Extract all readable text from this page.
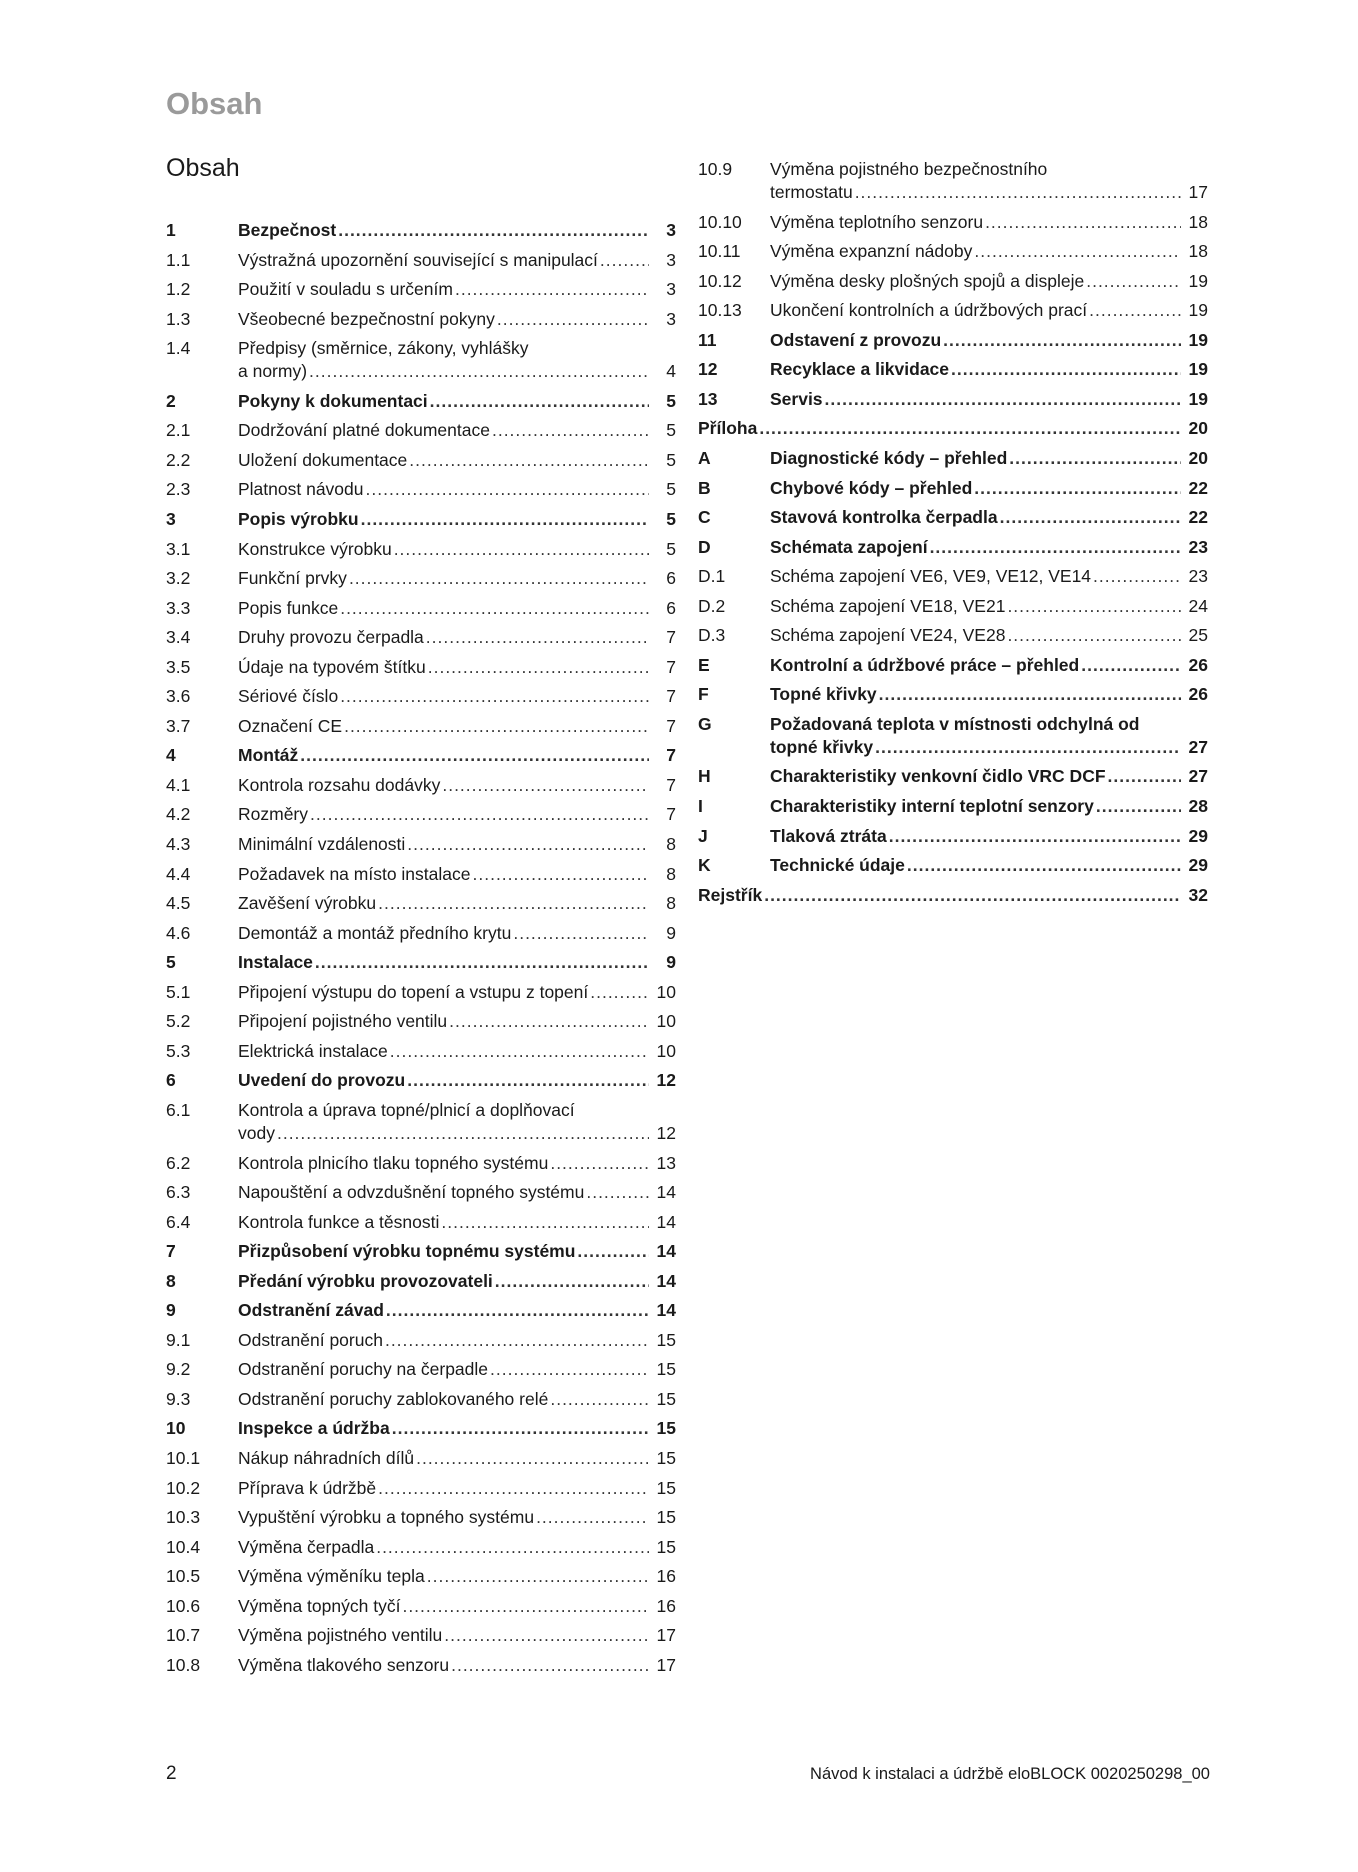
Obsah
Obsah
1	Bezpečnost .....	3
1.1	Výstražná upozornění související s manipulací .....	3
1.2	Použití v souladu s určením .....	3
1.3	Všeobecné bezpečnostní pokyny .....	3
1.4	Předpisy (směrnice, zákony, vyhlášky
a normy) .....	4
2	Pokyny k dokumentaci .....	5
2.1	Dodržování platné dokumentace .....	5
2.2	Uložení dokumentace .....	5
2.3	Platnost návodu .....	5
3	Popis výrobku .....	5
3.1	Konstrukce výrobku .....	5
3.2	Funkční prvky .....	6
3.3	Popis funkce .....	6
3.4	Druhy provozu čerpadla .....	7
3.5	Údaje na typovém štítku .....	7
3.6	Sériové číslo .....	7
3.7	Označení CE .....	7
4	Montáž .....	7
4.1	Kontrola rozsahu dodávky .....	7
4.2	Rozměry .....	7
4.3	Minimální vzdálenosti .....	8
4.4	Požadavek na místo instalace .....	8
4.5	Zavěšení výrobku .....	8
4.6	Demontáž a montáž předního krytu .....	9
5	Instalace .....	9
5.1	Připojení výstupu do topení a vstupu z topení .....	10
5.2	Připojení pojistného ventilu .....	10
5.3	Elektrická instalace .....	10
6	Uvedení do provozu .....	12
6.1	Kontrola a úprava topné/plnicí a doplňovací
vody .....	12
6.2	Kontrola plnicího tlaku topného systému .....	13
6.3	Napouštění a odvzdušnění topného systému .....	14
6.4	Kontrola funkce a těsnosti .....	14
7	Přizpůsobení výrobku topnému systému .....	14
8	Předání výrobku provozovateli .....	14
9	Odstranění závad .....	14
9.1	Odstranění poruch .....	15
9.2	Odstranění poruchy na čerpadle .....	15
9.3	Odstranění poruchy zablokovaného relé .....	15
10	Inspekce a údržba .....	15
10.1 Nákup náhradních dílů .....	15
10.2 Příprava k údržbě .....	15
10.3 Vypuštění výrobku a topného systému .....	15
10.4 Výměna čerpadla .....	15
10.5 Výměna výměníku tepla .....	16
10.6 Výměna topných tyčí .....	16
10.7 Výměna pojistného ventilu .....	17
10.8 Výměna tlakového senzoru .....	17
10.9 Výměna pojistného bezpečnostního
termostatu .....	17
10.10 Výměna teplotního senzoru .....	18
10.11 Výměna expanzní nádoby .....	18
10.12 Výměna desky plošných spojů a displeje .....	19
10.13 Ukončení kontrolních a údržbových prací .....	19
11	Odstavení z provozu .....	19
12	Recyklace a likvidace .....	19
13	Servis .....	19
Příloha .....	20
A	Diagnostické kódy – přehled .....	20
B	Chybové kódy – přehled .....	22
C	Stavová kontrolka čerpadla .....	22
D	Schémata zapojení .....	23
D.1	Schéma zapojení VE6, VE9, VE12, VE14 .....	23
D.2	Schéma zapojení VE18, VE21 .....	24
D.3	Schéma zapojení VE24, VE28 .....	25
E	Kontrolní a údržbové práce – přehled .....	26
F	Topné křivky .....	26
G	Požadovaná teplota v místnosti odchylná od
topné křivky .....	27
H	Charakteristiky venkovní čidlo VRC DCF .....	27
I	Charakteristiky interní teplotní senzory .....	28
J	Tlaková ztráta .....	29
K	Technické údaje .....	29
Rejstřík .....	32
2	Návod k instalaci a údržbě eloBLOCK 0020250298_00
